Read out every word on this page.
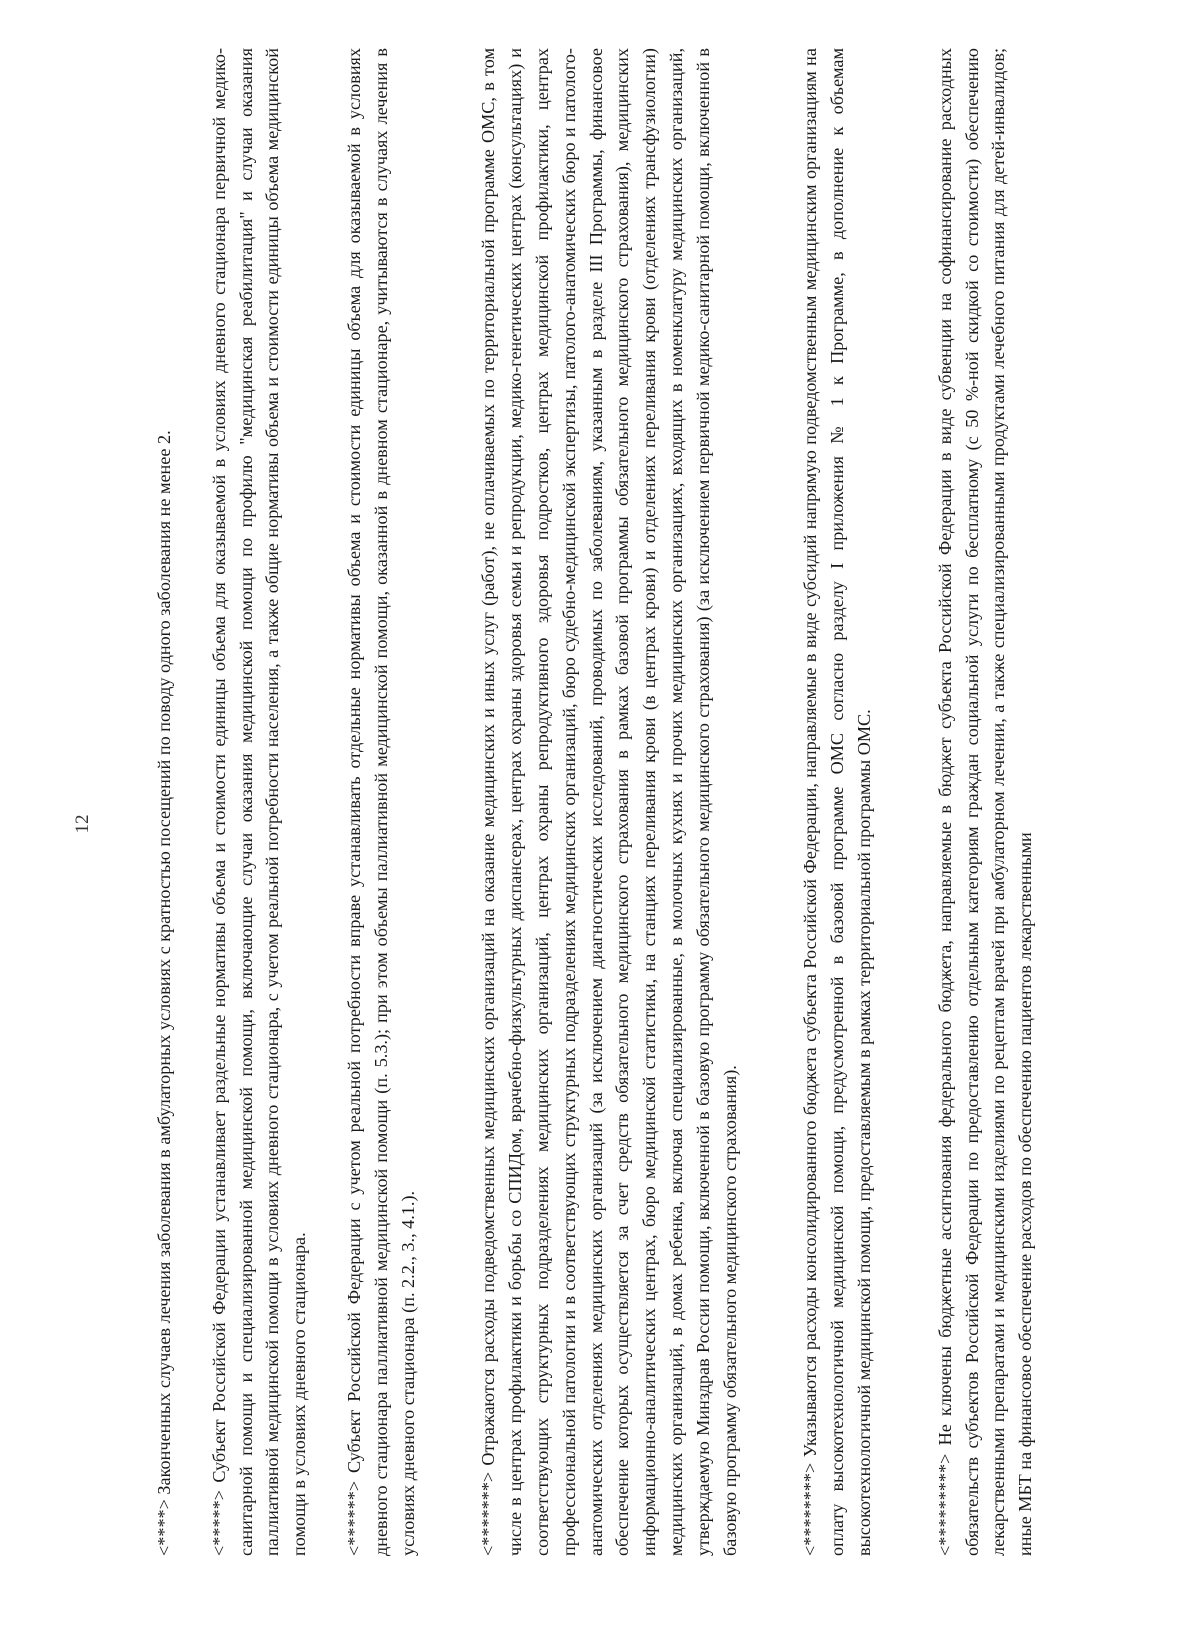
12

<****> Законченных случаев лечения заболевания в амбулаторных условиях с кратностью посещений по поводу одного заболевания не менее 2.

<*****> Субъект Российской Федерации устанавливает раздельные нормативы объема и стоимости единицы объема для оказываемой в условиях дневного стационара первичной медико-санитарной помощи и специализированной медицинской помощи, включающие случаи оказания медицинской помощи по профилю "медицинская реабилитация" и случаи оказания паллиативной медицинской помощи в условиях дневного стационара, с учетом реальной потребности населения, а также общие нормативы объема и стоимости единицы объема медицинской помощи в условиях дневного стационара. <******> Субъект Российской Федерации с учетом реальной потребности вправе устанавливать отдельные нормативы объема и стоимости единицы объема для оказываемой в условиях дневного стационара паллиативной медицинской помощи (п. 5.3.); при этом объемы паллиативной медицинской помощи, оказанной в дневном стационаре, учитываются в случаях лечения в условиях дневного стационара (п. 2.2., 3., 4.1.).	<*******> Отражаются расходы подведомственных медицинских организаций на оказание медицинских и иных услуг (работ), не оплачиваемых по территориальной программе ОМС, в том числе в центрах профилактики и борьбы со СПИДом, врачебно-физкультурных диспансерах, центрах охраны здоровья семьи и репродукции, медико-генетических центрах (консультациях) и соответствующих структурных подразделениях медицинских организаций, центрах охраны репродуктивного здоровья подростков, центрах медицинской профилактики, центрах профессиональной патологии и в соответствующих структурных подразделениях медицинских организаций, бюро судебно-медицинской экспертизы, патолого-анатомических бюро и патолого-анатомических отделениях медицинских организаций (за исключением диагностических исследований, проводимых по заболеваниям, указанным в разделе III Программы, финансовое обеспечение которых осуществляется за счет средств обязательного медицинского страхования в рамках базовой программы обязательного медицинского страхования), медицинских информационно-аналитических центрах, бюро медицинской статистики, на станциях переливания крови (в центрах крови) и отделениях переливания крови (отделениях трансфузиологии) медицинских организаций, в домах ребенка, включая специализированные, в молочных кухнях и прочих медицинских организациях, входящих в номенклатуру медицинских организаций, утверждаемую Минздрав России помощи, включенной в базовую программу обязательного медицинского страхования) (за исключением первичной медико-санитарной помощи, включенной в базовую программу обязательного медицинского страхования).	<********> Указываются расходы консолидированного бюджета субъекта Российской Федерации, направляемые в виде субсидий напрямую подведомственным медицинским организациям на оплату высокотехнологичной медицинской помощи, предусмотренной в базовой программе ОМС согласно разделу I приложения № 1 к Программе, в дополнение к объемам высокотехнологичной медицинской помощи, предоставляемым в рамках территориальной программы ОМС.	<*********> Не ключены бюджетные ассигнования федерального бюджета, направляемые в бюджет субъекта Российской Федерации в виде субвенции на софинансирование расходных обязательств субъектов Российской Федерации по предоставлению отдельным категориям граждан социальной услуги по бесплатному (с 50 %-ной скидкой со стоимости) обеспечению лекарственными препаратами и медицинскими изделиями по рецептам врачей при амбулаторном лечении, а также специализированными продуктами лечебного питания для детей-инвалидов; иные МБТ на финансовое обеспечение расходов по обеспечению пациентов лекарственными
